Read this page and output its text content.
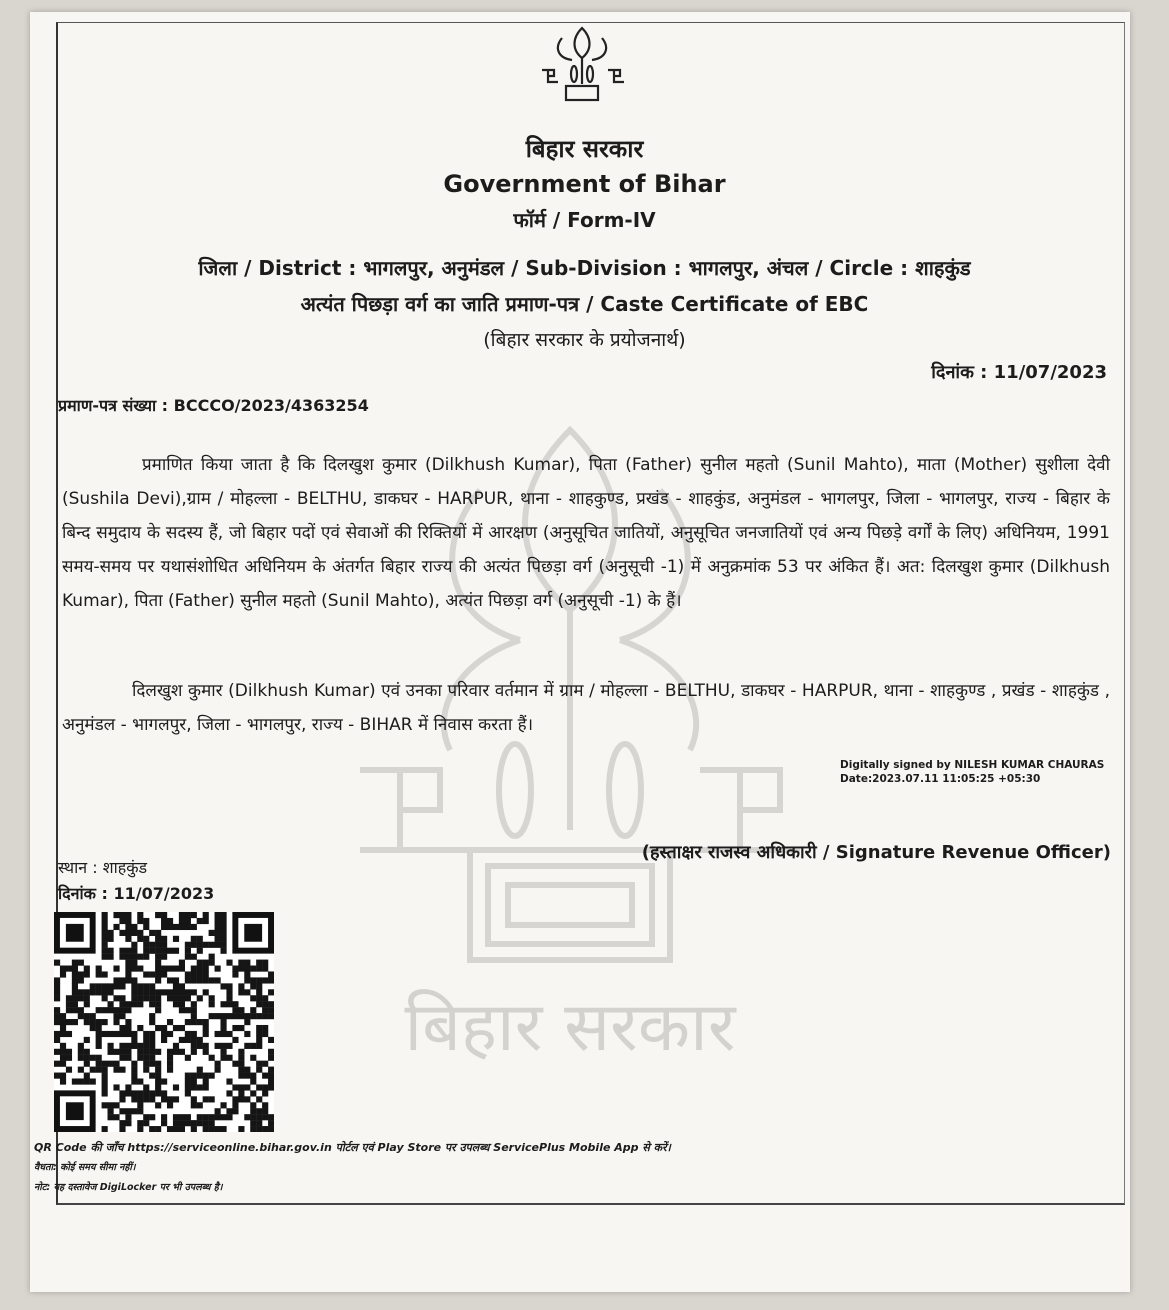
बिहार सरकार
बिहार सरकार
Government of Bihar
फॉर्म / Form-IV
जिला / District : भागलपुर, अनुमंडल / Sub-Division : भागलपुर, अंचल / Circle : शाहकुंड
अत्यंत पिछड़ा वर्ग का जाति प्रमाण-पत्र / Caste Certificate of EBC
(बिहार सरकार के प्रयोजनार्थ)
दिनांक : 11/07/2023
प्रमाण-पत्र संख्या : BCCCO/2023/4363254
प्रमाणित किया जाता है कि दिलखुश कुमार (Dilkhush Kumar), पिता (Father) सुनील महतो (Sunil Mahto), माता (Mother) सुशीला देवी (Sushila Devi),ग्राम / मोहल्ला - BELTHU, डाकघर - HARPUR, थाना - शाहकुण्ड, प्रखंड - शाहकुंड, अनुमंडल - भागलपुर, जिला - भागलपुर, राज्य - बिहार के बिन्द समुदाय के सदस्य हैं, जो बिहार पदों एवं सेवाओं की रिक्तियों में आरक्षण (अनुसूचित जातियों, अनुसूचित जनजातियों एवं अन्य पिछड़े वर्गों के लिए) अधिनियम, 1991 समय-समय पर यथासंशोधित अधिनियम के अंतर्गत बिहार राज्य की अत्यंत पिछड़ा वर्ग (अनुसूची -1) में अनुक्रमांक 53 पर अंकित हैं। अत: दिलखुश कुमार (Dilkhush Kumar), पिता (Father) सुनील महतो (Sunil Mahto), अत्यंत पिछड़ा वर्ग (अनुसूची -1) के हैं।
दिलखुश कुमार (Dilkhush Kumar) एवं उनका परिवार वर्तमान में ग्राम / मोहल्ला - BELTHU, डाकघर - HARPUR, थाना - शाहकुण्ड , प्रखंड - शाहकुंड , अनुमंडल - भागलपुर, जिला - भागलपुर, राज्य - BIHAR में निवास करता हैं।
Digitally signed by NILESH KUMAR CHAURAS
Date:2023.07.11 11:05:25 +05:30
(हस्ताक्षर राजस्व अधिकारी / Signature Revenue Officer)
स्थान : शाहकुंड
दिनांक : 11/07/2023
QR Code की जाँच https://serviceonline.bihar.gov.in पोर्टल एवं Play Store पर उपलब्ध ServicePlus Mobile App से करें।
वैधता: कोई समय सीमा नहीं।
नोट: यह दस्तावेज DigiLocker पर भी उपलब्ध है।
